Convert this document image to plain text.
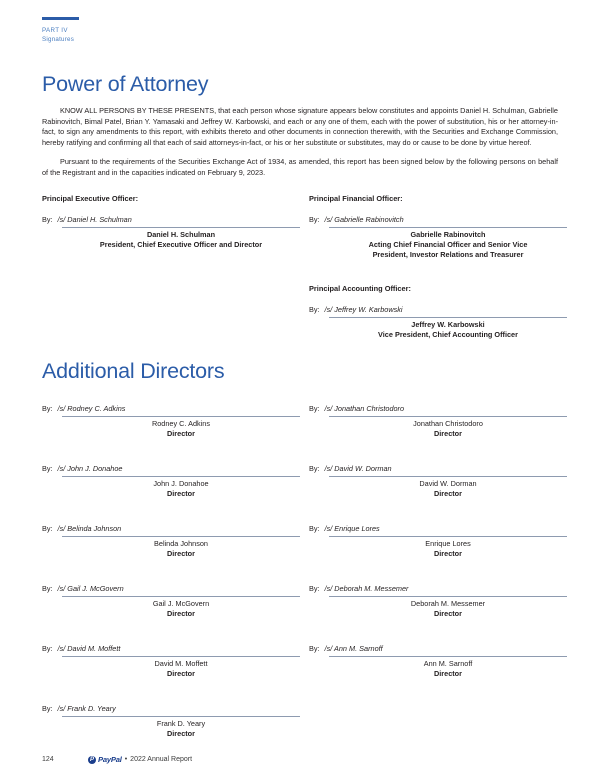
PART IV
Signatures
Power of Attorney

KNOW ALL PERSONS BY THESE PRESENTS, that each person whose signature appears below constitutes and appoints Daniel H. Schulman, Gabrielle Rabinovitch, Bimal Patel, Brian Y. Yamasaki and Jeffrey W. Karbowski, and each or any one of them, each with the power of substitution, his or her attorney-in-fact, to sign any amendments to this report, with exhibits thereto and other documents in connection therewith, with the Securities and Exchange Commission, hereby ratifying and confirming all that each of said attorneys-in-fact, or his or her substitute or substitutes, may do or cause to be done by virtue hereof.

Pursuant to the requirements of the Securities Exchange Act of 1934, as amended, this report has been signed below by the following persons on behalf of the Registrant and in the capacities indicated on February 9, 2023.

Principal Executive Officer:
By: /s/ Daniel H. Schulman
Daniel H. Schulman
President, Chief Executive Officer and Director
Principal Financial Officer:
By: /s/ Gabrielle Rabinovitch
Gabrielle Rabinovitch
Acting Chief Financial Officer and Senior Vice
President, Investor Relations and Treasurer
Principal Accounting Officer:
By: /s/ Jeffrey W. Karbowski
Jeffrey W. Karbowski
Vice President, Chief Accounting Officer
Additional Directors
By: /s/ Rodney C. Adkins
Rodney C. Adkins
Director
By: /s/ John J. Donahoe
John J. Donahoe
Director
By: /s/ Belinda Johnson
Belinda Johnson
Director
By: /s/ Gail J. McGovern
Gail J. McGovern
Director
By: /s/ David M. Moffett
David M. Moffett
Director
By: /s/ Frank D. Yeary
Frank D. Yeary
Director
By: /s/ Jonathan Christodoro
Jonathan Christodoro
Director
By: /s/ David W. Dorman
David W. Dorman
Director
By: /s/ Enrique Lores
Enrique Lores
Director
By: /s/ Deborah M. Messemer
Deborah M. Messemer
Director
By: /s/ Ann M. Sarnoff
Ann M. Sarnoff
Director
124	P PayPal • 2022 Annual Report
